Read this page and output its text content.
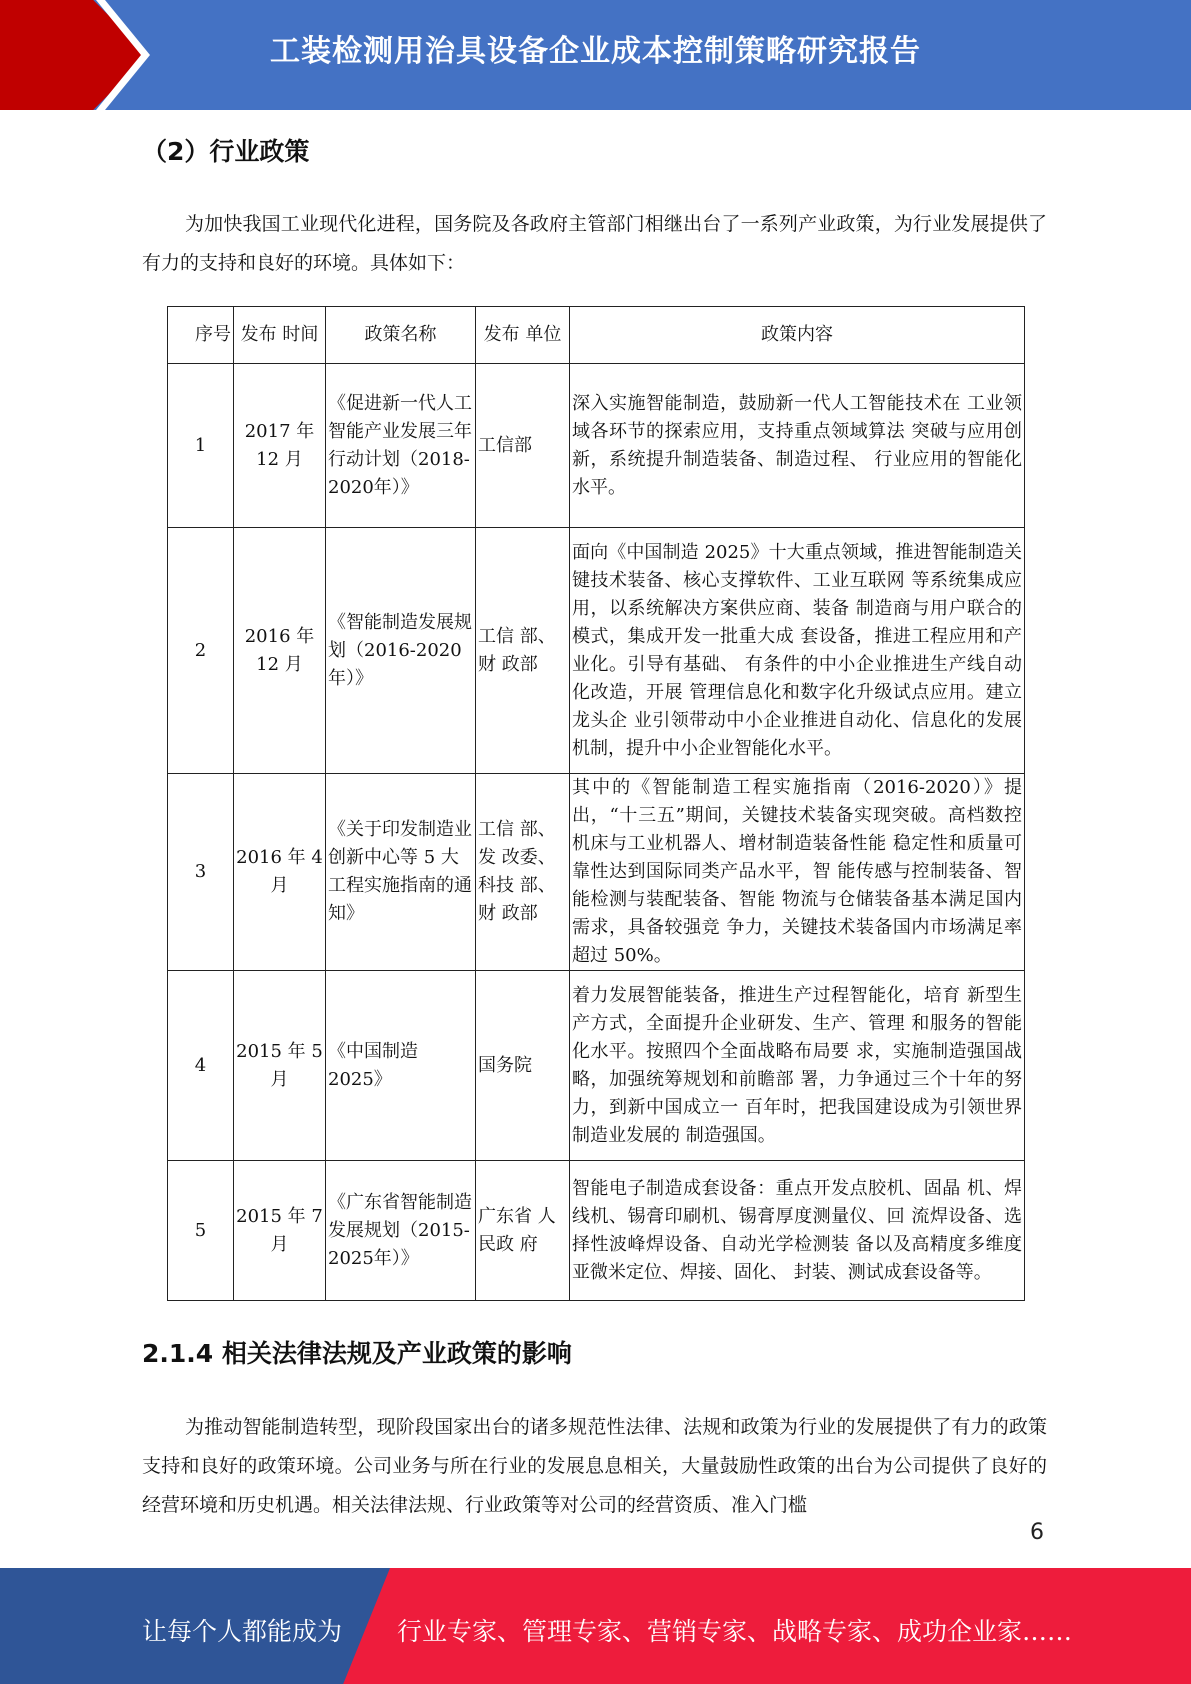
工装检测用治具设备企业成本控制策略研究报告
（2）行业政策
为加快我国工业现代化进程，国务院及各政府主管部门相继出台了一系列产业政策，为行业发展提供了有力的支持和良好的环境。具体如下：
序号	发布 时间	政策名称	发布 单位	政策内容
1	2017 年 12 月	《促进新一代人工智能产业发展三年行动计划（2018-2020年）》	工信部	深入实施智能制造，鼓励新一代人工智能技术在 工业领域各环节的探索应用，支持重点领域算法 突破与应用创新，系统提升制造装备、制造过程、 行业应用的智能化水平。
2	2016 年 12 月	《智能制造发展规划（2016-2020年）》	工信 部、财 政部	面向《中国制造 2025》十大重点领域，推进智能制造关键技术装备、核心支撑软件、工业互联网 等系统集成应用，以系统解决方案供应商、装备 制造商与用户联合的模式，集成开发一批重大成 套设备，推进工程应用和产业化。引导有基础、 有条件的中小企业推进生产线自动化改造，开展 管理信息化和数字化升级试点应用。建立龙头企 业引领带动中小企业推进自动化、信息化的发展 机制，提升中小企业智能化水平。
3	2016 年 4 月	《关于印发制造业创新中心等 5 大工程实施指南的通知》	工信 部、发 改委、科技 部、财 政部	其中的《智能制造工程实施指南（2016-2020）》提出，“十三五”期间，关键技术装备实现突破。高档数控机床与工业机器人、增材制造装备性能 稳定性和质量可靠性达到国际同类产品水平，智 能传感与控制装备、智能检测与装配装备、智能 物流与仓储装备基本满足国内需求，具备较强竞 争力，关键技术装备国内市场满足率超过 50%。
4	2015 年 5 月	《中国制造 2025》	国务院	着力发展智能装备，推进生产过程智能化，培育 新型生产方式，全面提升企业研发、生产、管理 和服务的智能化水平。按照四个全面战略布局要 求，实施制造强国战略，加强统筹规划和前瞻部 署，力争通过三个十年的努力，到新中国成立一 百年时，把我国建设成为引领世界制造业发展的 制造强国。
5	2015 年 7 月	《广东省智能制造发展规划（2015-2025年）》	广东省 人民政 府	智能电子制造成套设备：重点开发点胶机、固晶 机、焊线机、锡膏印刷机、锡膏厚度测量仪、回 流焊设备、选择性波峰焊设备、自动光学检测装 备以及高精度多维度亚微米定位、焊接、固化、 封装、测试成套设备等。
2.1.4 相关法律法规及产业政策的影响
为推动智能制造转型，现阶段国家出台的诸多规范性法律、法规和政策为行业的发展提供了有力的政策支持和良好的政策环境。公司业务与所在行业的发展息息相关，大量鼓励性政策的出台为公司提供了良好的经营环境和历史机遇。相关法律法规、行业政策等对公司的经营资质、准入门槛
6
让每个人都能成为 行业专家、管理专家、营销专家、战略专家、成功企业家……
